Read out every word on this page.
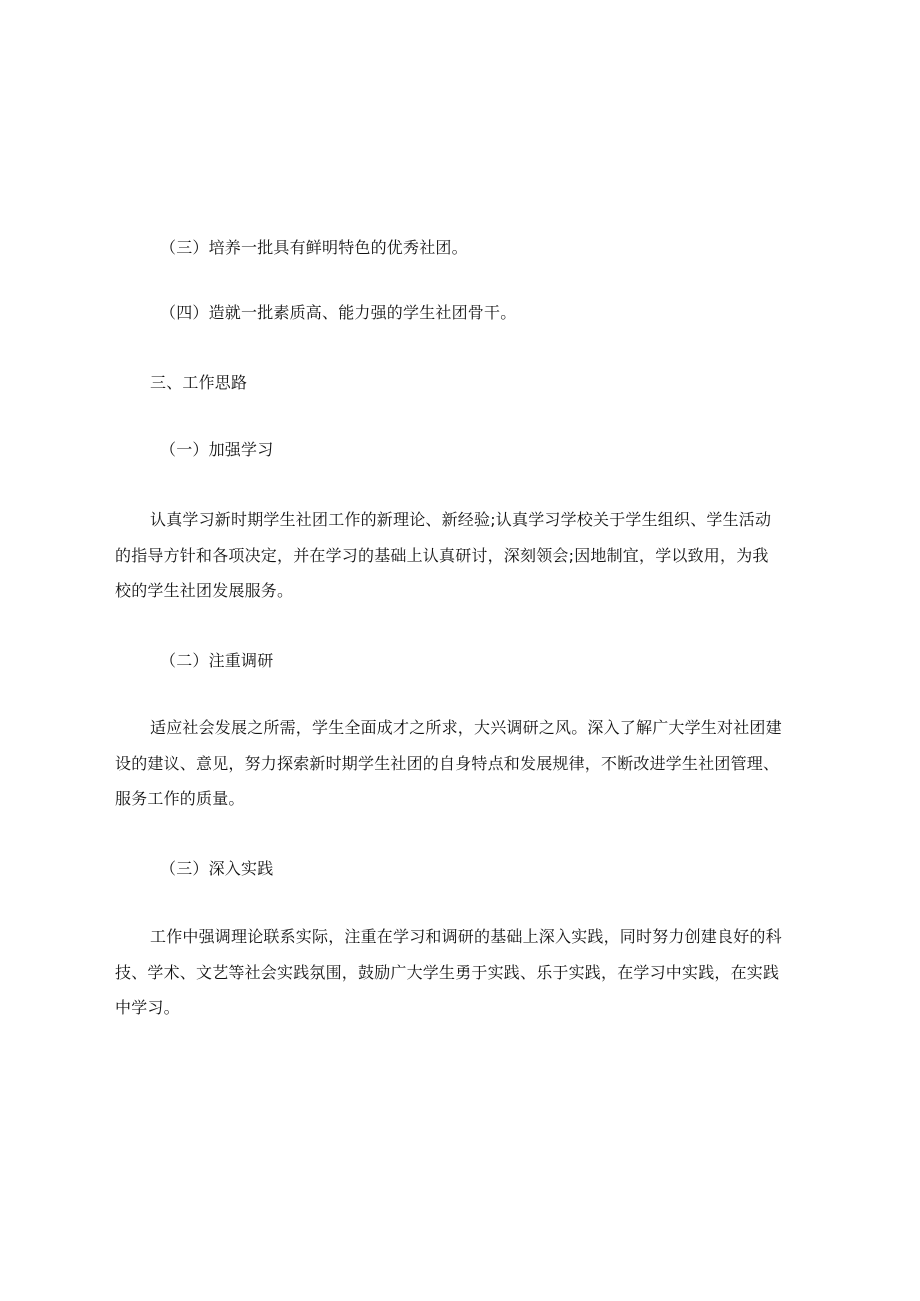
（三）培养一批具有鲜明特色的优秀社团。
（四）造就一批素质高、能力强的学生社团骨干。
三、工作思路
（一）加强学习
认真学习新时期学生社团工作的新理论、新经验;认真学习学校关于学生组织、学生活动
的指导方针和各项决定，并在学习的基础上认真研讨，深刻领会;因地制宜，学以致用，为我
校的学生社团发展服务。
（二）注重调研
适应社会发展之所需，学生全面成才之所求，大兴调研之风。深入了解广大学生对社团建
设的建议、意见，努力探索新时期学生社团的自身特点和发展规律，不断改进学生社团管理、
服务工作的质量。
（三）深入实践
工作中强调理论联系实际，注重在学习和调研的基础上深入实践，同时努力创建良好的科
技、学术、文艺等社会实践氛围，鼓励广大学生勇于实践、乐于实践，在学习中实践，在实践
中学习。
